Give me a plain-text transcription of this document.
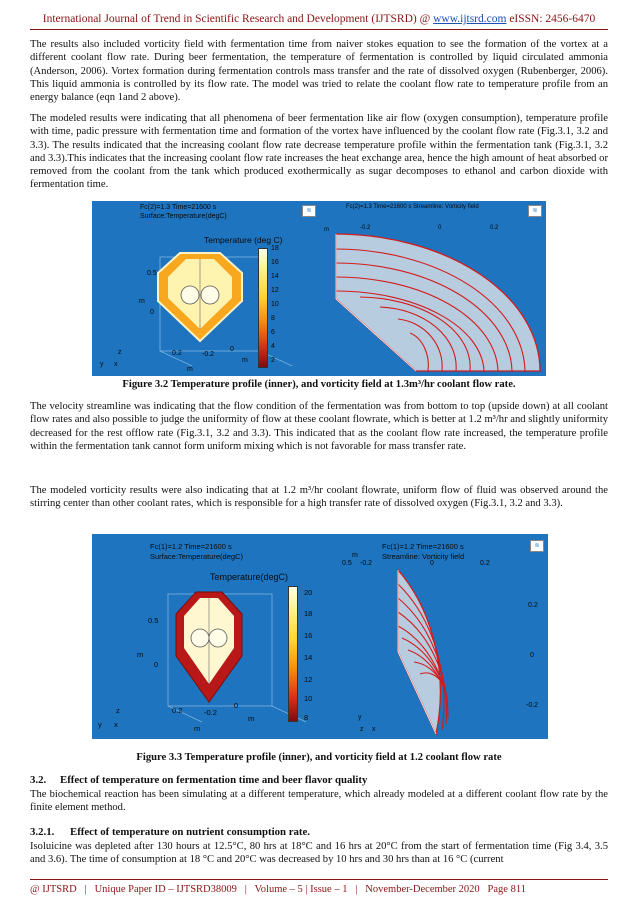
International Journal of Trend in Scientific Research and Development (IJTSRD) @ www.ijtsrd.com eISSN: 2456-6470

The results also included vorticity field with fermentation time from naiver stokes equation to see the formation of the vortex at a different coolant flow rate. During beer fermentation, the temperature of fermentation is controlled by liquid circulated ammonia (Anderson, 2006). Vortex formation during fermentation controls mass transfer and the rate of dissolved oxygen (Rubenberger, 2006). This liquid ammonia is controlled by its flow rate. The model was tried to relate the coolant flow rate to temperature profile from an energy balance (eqn 1and 2 above).

The modeled results were indicating that all phenomena of beer fermentation like air flow (oxygen consumption), temperature profile with time, padic pressure with fermentation time and formation of the vortex have influenced by the coolant flow rate (Fig.3.1, 3.2 and 3.3). The results indicated that the increasing coolant flow rate decrease temperature profile within the fermentation tank (Fig.3.1, 3.2 and 3.3).This indicates that the increasing coolant flow rate increases the heat exchange area, hence the high amount of heat absorbed or removed from the coolant from the tank which produced exothermically as sugar decomposes to ethanol and carbon dioxide with fermentation time.

Fc(2)=1.3 Time=21600 s
Surface:Temperature(degC)
Temperature (deg C)
≋
18
16
14
12
10
8
6
4
2
0.5
m
0
z	0.2	-0.2
0
m
m
y x
Fc(2)=1.3 Time=21600 s Streamline: Vorticity field
≋
-0.2	0	0.2
m

Figure 3.2 Temperature profile (inner), and vorticity field at 1.3m³/hr coolant flow rate.

The velocity streamline was indicating that the flow condition of the fermentation was from bottom to top (upside down) at all coolant flow rates and also possible to judge the uniformity of flow at these coolant flowrate, which is better at 1.2 m³/hr and slightly uniformity decreased for the rest offlow rate (Fig.3.1, 3.2 and 3.3). This indicated that as the coolant flow rate increased, the temperature profile within the fermentation tank cannot form uniform mixing which is not favorable for mass transfer rate.

The modeled vorticity results were also indicating that at 1.2 m³/hr coolant flowrate, uniform flow of fluid was observed around the stirring center than other coolant rates, which is responsible for a high transfer rate of dissolved oxygen (Fig.3.1, 3.2 and 3.3).

Fc(1)=1.2 Time=21600 s
Surface:Temperature(degC)
Temperature(degC)
20
18
16
14
12
10
8
0.5
m
0
z	0.2	-0.2
0
m
m
y x
Fc(1)=1.2 Time=21600 s
Streamline: Vorticity field
≋
m
0.5 -0.2	0	0.2
0.2
0
-0.2
y
z x

Figure 3.3 Temperature profile (inner), and vorticity field at 1.2 coolant flow rate

3.2. Effect of temperature on fermentation time and beer flavor quality

The biochemical reaction has been simulating at a different temperature, which already modeled at a different coolant flow rate by the finite element method.

3.2.1. Effect of temperature on nutrient consumption rate.

Isoluicine was depleted after 130 hours at 12.5°C, 80 hrs at 18°C and 16 hrs at 20°C from the start of fermentation time (Fig 3.4, 3.5 and 3.6). The time of consumption at 18 °C and 20°C was decreased by 10 hrs and 30 hrs than at 16 °C (current

@ IJTSRD   |   Unique Paper ID – IJTSRD38009   |   Volume – 5 | Issue – 1   |   November-December 2020   Page 811
